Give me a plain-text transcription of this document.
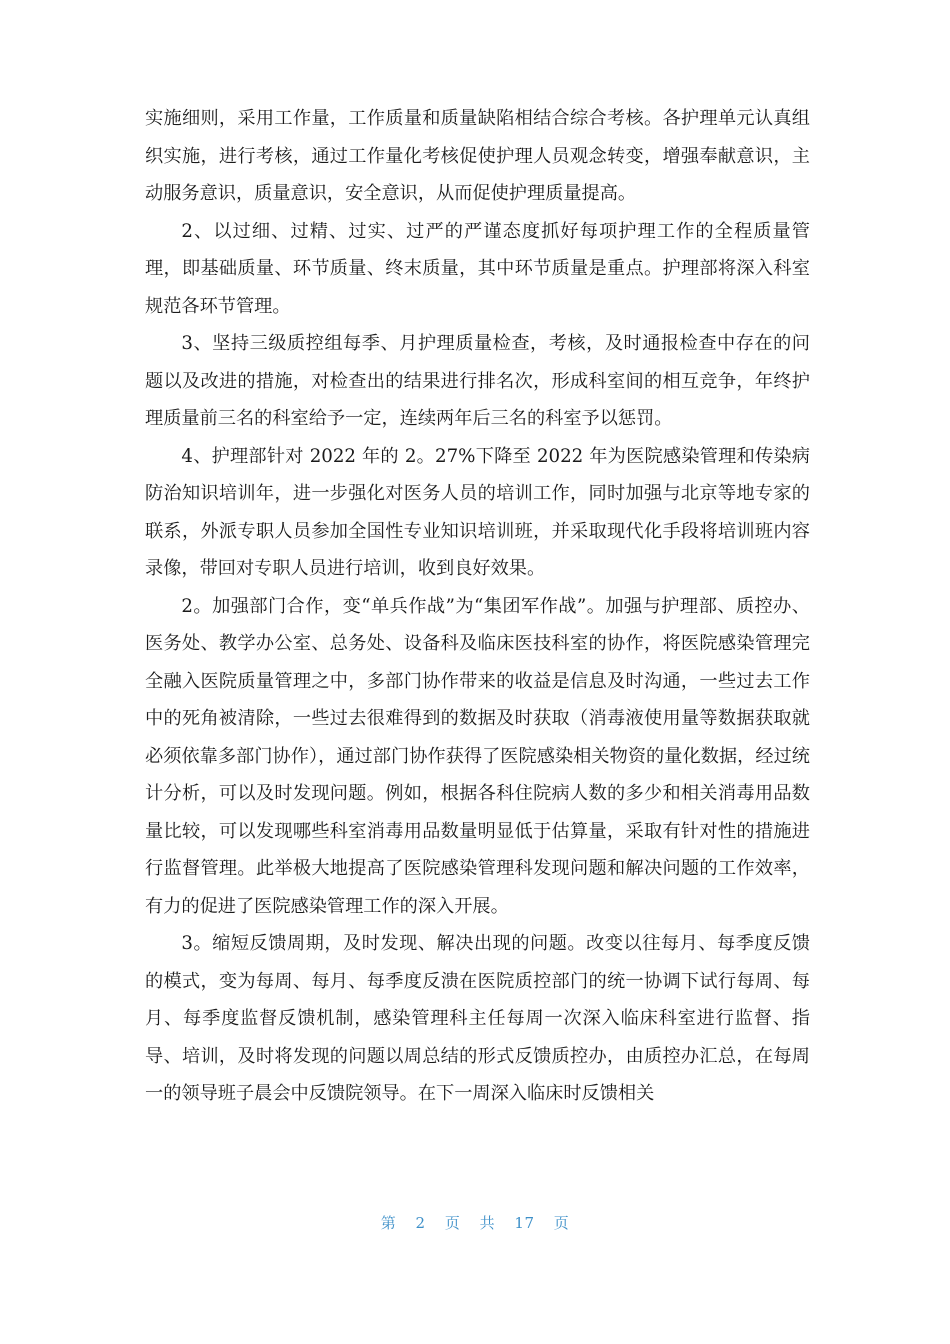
实施细则，采用工作量，工作质量和质量缺陷相结合综合考核。各护理单元认真组织实施，进行考核，通过工作量化考核促使护理人员观念转变，增强奉献意识，主动服务意识，质量意识，安全意识，从而促使护理质量提高。

2、以过细、过精、过实、过严的严谨态度抓好每项护理工作的全程质量管理，即基础质量、环节质量、终末质量，其中环节质量是重点。护理部将深入科室规范各环节管理。

3、坚持三级质控组每季、月护理质量检查，考核，及时通报检查中存在的问题以及改进的措施，对检查出的结果进行排名次，形成科室间的相互竞争，年终护理质量前三名的科室给予一定，连续两年后三名的科室予以惩罚。

4、护理部针对 2022 年的 2。27%下降至 2022 年为医院感染管理和传染病防治知识培训年，进一步强化对医务人员的培训工作，同时加强与北京等地专家的联系，外派专职人员参加全国性专业知识培训班，并采取现代化手段将培训班内容录像，带回对专职人员进行培训，收到良好效果。

2。加强部门合作，变“单兵作战”为“集团军作战”。加强与护理部、质控办、医务处、教学办公室、总务处、设备科及临床医技科室的协作，将医院感染管理完全融入医院质量管理之中，多部门协作带来的收益是信息及时沟通，一些过去工作中的死角被清除，一些过去很难得到的数据及时获取（消毒液使用量等数据获取就必须依靠多部门协作），通过部门协作获得了医院感染相关物资的量化数据，经过统计分析，可以及时发现问题。例如，根据各科住院病人数的多少和相关消毒用品数量比较，可以发现哪些科室消毒用品数量明显低于估算量，采取有针对性的措施进行监督管理。此举极大地提高了医院感染管理科发现问题和解决问题的工作效率，有力的促进了医院感染管理工作的深入开展。

3。缩短反馈周期，及时发现、解决出现的问题。改变以往每月、每季度反馈的模式，变为每周、每月、每季度反溃在医院质控部门的统一协调下试行每周、每月、每季度监督反馈机制，感染管理科主任每周一次深入临床科室进行监督、指导、培训，及时将发现的问题以周总结的形式反馈质控办，由质控办汇总，在每周一的领导班子晨会中反馈院领导。在下一周深入临床时反馈相关

第 2 页 共 17 页
